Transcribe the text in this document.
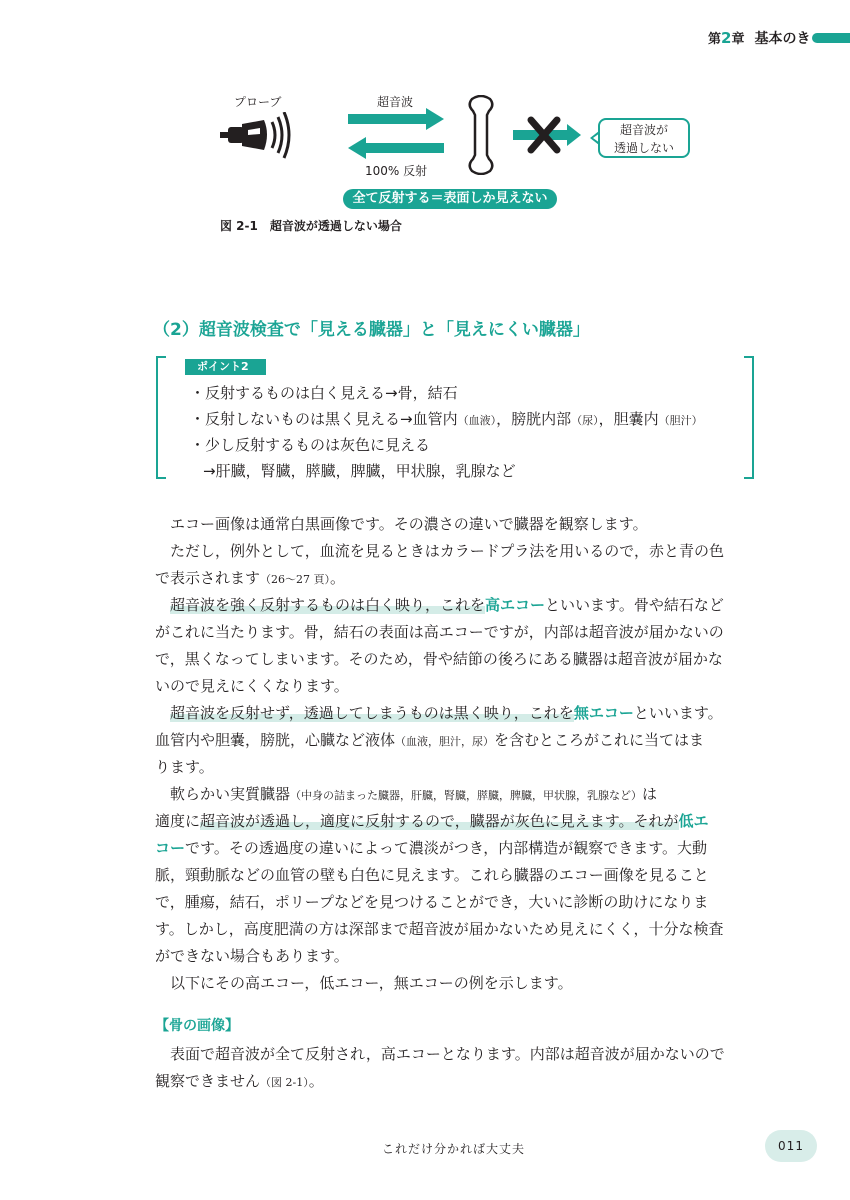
第2章 基本のき
プローブ	超音波
100% 反射
超音波が
透過しない
全て反射する＝表面しか見えない
図 2-1 超音波が透過しない場合
（2）超音波検査で「見える臓器」と「見えにくい臓器」
ポイント2
・反射するものは白く見える→骨，結石
・反射しないものは黒く見える→血管内（血液），膀胱内部（尿），胆嚢内（胆汁）
・少し反射するものは灰色に見える
→肝臓，腎臓，膵臓，脾臓，甲状腺，乳腺など
エコー画像は通常白黒画像です。その濃さの違いで臓器を観察します。
ただし，例外として，血流を見るときはカラードプラ法を用いるので，赤と青の色
で表示されます（26～27 頁）。
超音波を強く反射するものは白く映り，これを高エコーといいます。骨や結石など
がこれに当たります。骨，結石の表面は高エコーですが，内部は超音波が届かないの
で，黒くなってしまいます。そのため，骨や結節の後ろにある臓器は超音波が届かな
いので見えにくくなります。
超音波を反射せず，透過してしまうものは黒く映り，これを無エコーといいます。
血管内や胆嚢，膀胱，心臓など液体（血液，胆汁，尿）を含むところがこれに当てはま
ります。
軟らかい実質臓器（中身の詰まった臓器，肝臓，腎臓，膵臓，脾臓，甲状腺，乳腺など）は
適度に超音波が透過し，適度に反射するので，臓器が灰色に見えます。それが低エ
コーです。その透過度の違いによって濃淡がつき，内部構造が観察できます。大動
脈，頸動脈などの血管の壁も白色に見えます。これら臓器のエコー画像を見ること
で，腫瘍，結石，ポリープなどを見つけることができ，大いに診断の助けになりま
す。しかし，高度肥満の方は深部まで超音波が届かないため見えにくく，十分な検査
ができない場合もあります。
以下にその高エコー，低エコー，無エコーの例を示します。
【骨の画像】
表面で超音波が全て反射され，高エコーとなります。内部は超音波が届かないので
観察できません（図 2-1）。
これだけ分かれば大丈夫	011
